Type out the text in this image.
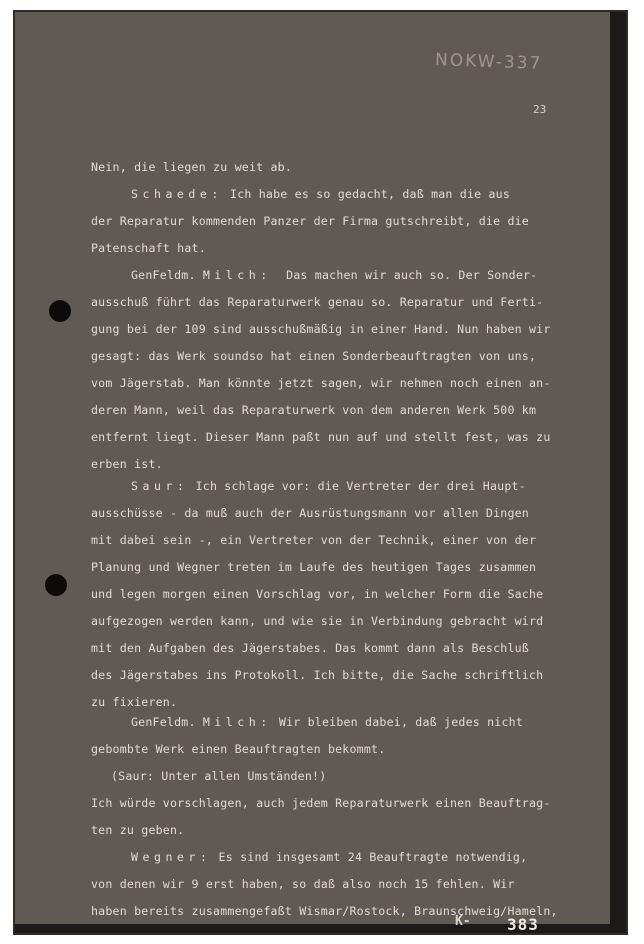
NOKW-337
23
Nein, die liegen zu weit ab.
Schaede: Ich habe es so gedacht, daß man die aus
der Reparatur kommenden Panzer der Firma gutschreibt, die die
Patenschaft hat.
GenFeldm. Milch:  Das machen wir auch so. Der Sonder-
ausschuß führt das Reparaturwerk genau so. Reparatur und Ferti-
gung bei der 109 sind ausschußmäßig in einer Hand. Nun haben wir
gesagt: das Werk soundso hat einen Sonderbeauftragten von uns,
vom Jägerstab. Man könnte jetzt sagen, wir nehmen noch einen an-
deren Mann, weil das Reparaturwerk von dem anderen Werk 500 km
entfernt liegt. Dieser Mann paßt nun auf und stellt fest, was zu
erben ist.
Saur: Ich schlage vor: die Vertreter der drei Haupt-
ausschüsse - da muß auch der Ausrüstungsmann vor allen Dingen
mit dabei sein -, ein Vertreter von der Technik, einer von der
Planung und Wegner treten im Laufe des heutigen Tages zusammen
und legen morgen einen Vorschlag vor, in welcher Form die Sache
aufgezogen werden kann, und wie sie in Verbindung gebracht wird
mit den Aufgaben des Jägerstabes. Das kommt dann als Beschluß
des Jägerstabes ins Protokoll. Ich bitte, die Sache schriftlich
zu fixieren.
GenFeldm. Milch: Wir bleiben dabei, daß jedes nicht
gebombte Werk einen Beauftragten bekommt.
(Saur: Unter allen Umständen!)
Ich würde vorschlagen, auch jedem Reparaturwerk einen Beauftrag-
ten zu geben.
Wegner: Es sind insgesamt 24 Beauftragte notwendig,
von denen wir 9 erst haben, so daß also noch 15 fehlen. Wir
haben bereits zusammengefaßt Wismar/Rostock, Braunschweig/Hameln,
K- 383
